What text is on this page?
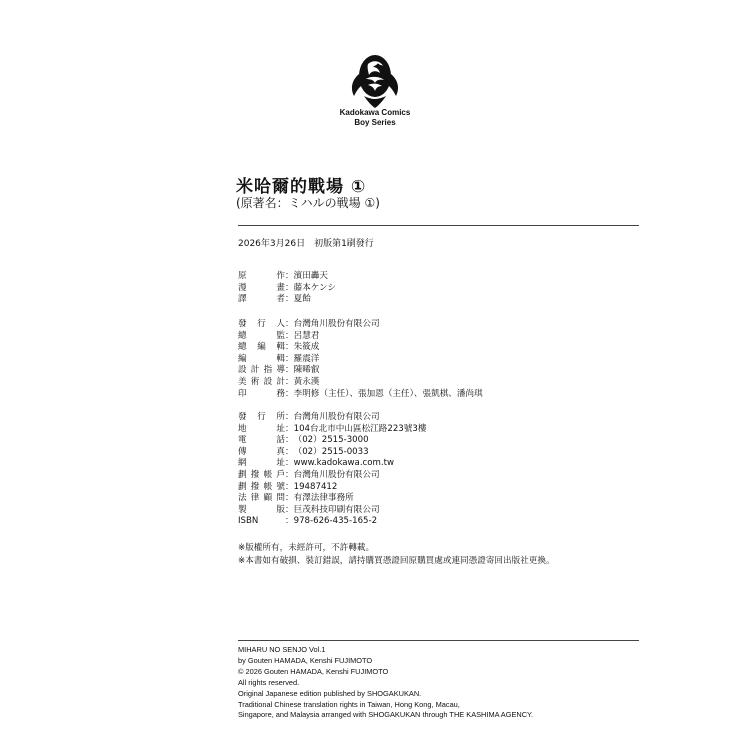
Kadokawa Comics
Boy Series
米哈爾的戰場 ①
(原著名：ミハルの戦場 ①)
2026年3月26日　初版第1刷發行
原　作 ： 濱田轟天
漫　畫 ： 藤本ケンシ
譯　者 ： 夏飴
發行人 ： 台灣角川股份有限公司
總　監 ： 呂慧君
總編輯 ： 朱筱成
編　輯 ： 羅震洋
設計指導 ： 陳晞叡
美術設計 ： 黃永漢
印　務 ： 李明修（主任）、張加恩（主任）、張凱棋、潘尚琪
發行所 ： 台灣角川股份有限公司
地　址 ： 104台北市中山區松江路223號3樓
電　話 ： （02）2515-3000
傳　真 ： （02）2515-0033
網　址 ： www.kadokawa.com.tw
劃撥帳戶 ： 台灣角川股份有限公司
劃撥帳號 ： 19487412
法律顧問 ： 有澤法律事務所
製　版 ： 巨茂科技印刷有限公司
ISBN	： 978-626-435-165-2
※版權所有，未經許可，不許轉載。
※本書如有破損、裝訂錯誤，請持購買憑證回原購買處或連同憑證寄回出版社更換。
MIHARU NO SENJO Vol.1
by Gouten HAMADA, Kenshi FUJIMOTO
© 2026 Gouten HAMADA, Kenshi FUJIMOTO
All rights reserved.
Original Japanese edition published by SHOGAKUKAN.
Traditional Chinese translation rights in Taiwan, Hong Kong, Macau,
Singapore, and Malaysia arranged with SHOGAKUKAN through THE KASHIMA AGENCY.
